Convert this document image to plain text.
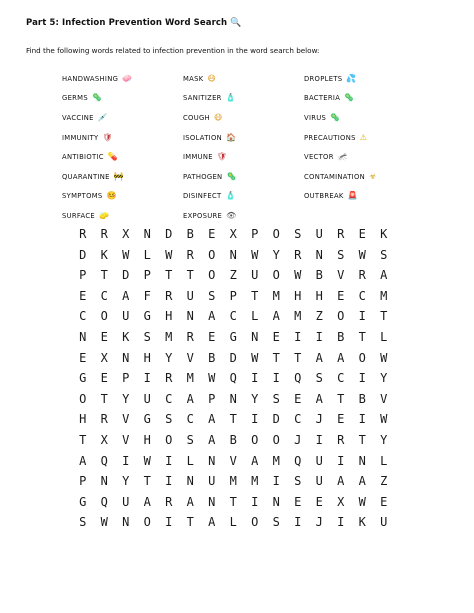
Part 5: Infection Prevention Word Search 🔍
Find the following words related to infection prevention in the word search below:
HANDWASHING 🧼	MASK 😷	DROPLETS 💦
GERMS 🦠	SANITIZER 🧴	BACTERIA 🦠
VACCINE 💉	COUGH 😷	VIRUS 🦠
IMMUNITY 🛡	ISOLATION 🏠	PRECAUTIONS ⚠
ANTIBIOTIC 💊	IMMUNE 🛡	VECTOR 🦟
QUARANTINE 🚧	PATHOGEN 🦠	CONTAMINATION ☣
SYMPTOMS 🤒	DISINFECT 🧴	OUTBREAK 🚨
SURFACE 🧽	EXPOSURE 👁
R	R	X	N	D	B	E	X	P	O	S	U	R	E	K
D	K	W	L	W	R	O	N	W	Y	R	N	S	W	S
P	T	D	P	T	T	O	Z	U	O	W	B	V	R	A
E	C	A	F	R	U	S	P	T	M	H	H	E	C	M
C	O	U	G	H	N	A	C	L	A	M	Z	O	I	T
N	E	K	S	M	R	E	G	N	E	I	I	B	T	L
E	X	N	H	Y	V	B	D	W	T	T	A	A	O	W
G	E	P	I	R	M	W	Q	I	I	Q	S	C	I	Y
O	T	Y	U	C	A	P	N	Y	S	E	A	T	B	V
H	R	V	G	S	C	A	T	I	D	C	J	E	I	W
T	X	V	H	O	S	A	B	O	O	J	I	R	T	Y
A	Q	I	W	I	L	N	V	A	M	Q	U	I	N	L
P	N	Y	T	I	N	U	M	M	I	S	U	A	A	Z
G	Q	U	A	R	A	N	T	I	N	E	E	X	W	E
S	W	N	O	I	T	A	L	O	S	I	J	I	K	U
